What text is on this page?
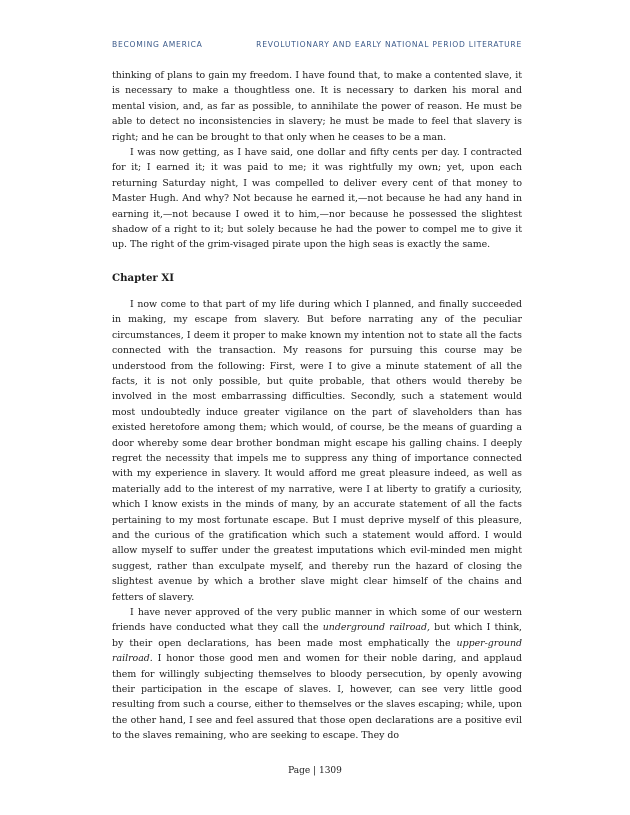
BECOMING AMERICA	REVOLUTIONARY AND EARLY NATIONAL PERIOD LITERATURE

thinking of plans to gain my freedom. I have found that, to make a contented slave, it is necessary to make a thoughtless one. It is necessary to darken his moral and mental vision, and, as far as possible, to annihilate the power of reason. He must be able to detect no inconsistencies in slavery; he must be made to feel that slavery is right; and he can be brought to that only when he ceases to be a man.

I was now getting, as I have said, one dollar and fifty cents per day. I contracted for it; I earned it; it was paid to me; it was rightfully my own; yet, upon each returning Saturday night, I was compelled to deliver every cent of that money to Master Hugh. And why? Not because he earned it,—not because he had any hand in earning it,—not because I owed it to him,—nor because he possessed the slightest shadow of a right to it; but solely because he had the power to compel me to give it up. The right of the grim-visaged pirate upon the high seas is exactly the same.

Chapter XI

I now come to that part of my life during which I planned, and finally succeeded in making, my escape from slavery. But before narrating any of the peculiar circumstances, I deem it proper to make known my intention not to state all the facts connected with the transaction. My reasons for pursuing this course may be understood from the following: First, were I to give a minute statement of all the facts, it is not only possible, but quite probable, that others would thereby be involved in the most embarrassing difficulties. Secondly, such a statement would most undoubtedly induce greater vigilance on the part of slaveholders than has existed heretofore among them; which would, of course, be the means of guarding a door whereby some dear brother bondman might escape his galling chains. I deeply regret the necessity that impels me to suppress any thing of importance connected with my experience in slavery. It would afford me great pleasure indeed, as well as materially add to the interest of my narrative, were I at liberty to gratify a curiosity, which I know exists in the minds of many, by an accurate statement of all the facts pertaining to my most fortunate escape. But I must deprive myself of this pleasure, and the curious of the gratification which such a statement would afford. I would allow myself to suffer under the greatest imputations which evil-minded men might suggest, rather than exculpate myself, and thereby run the hazard of closing the slightest avenue by which a brother slave might clear himself of the chains and fetters of slavery.

I have never approved of the very public manner in which some of our western friends have conducted what they call the underground railroad, but which I think, by their open declarations, has been made most emphatically the upper-ground railroad. I honor those good men and women for their noble daring, and applaud them for willingly subjecting themselves to bloody persecution, by openly avowing their participation in the escape of slaves. I, however, can see very little good resulting from such a course, either to themselves or the slaves escaping; while, upon the other hand, I see and feel assured that those open declarations are a positive evil to the slaves remaining, who are seeking to escape. They do

Page | 1309
